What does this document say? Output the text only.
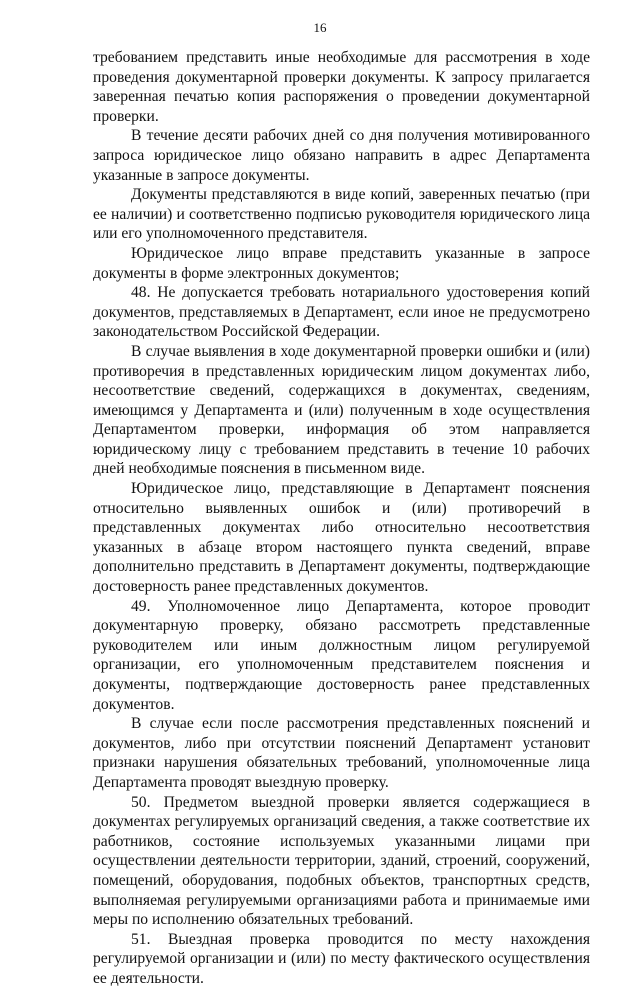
16

требованием представить иные необходимые для рассмотрения в ходе проведения документарной проверки документы. К запросу прилагается заверенная печатью копия распоряжения о проведении документарной проверки.

В течение десяти рабочих дней со дня получения мотивированного запроса юридическое лицо обязано направить в адрес Департамента указанные в запросе документы.

Документы представляются в виде копий, заверенных печатью (при ее наличии) и соответственно подписью руководителя юридического лица или его уполномоченного представителя.

Юридическое лицо вправе представить указанные в запросе документы в форме электронных документов;

48. Не допускается требовать нотариального удостоверения копий документов, представляемых в Департамент, если иное не предусмотрено законодательством Российской Федерации.

В случае выявления в ходе документарной проверки ошибки и (или) противоречия в представленных юридическим лицом документах либо, несоответствие сведений, содержащихся в документах, сведениям, имеющимся у Департамента и (или) полученным в ходе осуществления Департаментом проверки, информация об этом направляется юридическому лицу с требованием представить в течение 10 рабочих дней необходимые пояснения в письменном виде.

Юридическое лицо, представляющие в Департамент пояснения относительно выявленных ошибок и (или) противоречий в представленных документах либо относительно несоответствия указанных в абзаце втором настоящего пункта сведений, вправе дополнительно представить в Департамент документы, подтверждающие достоверность ранее представленных документов.

49. Уполномоченное лицо Департамента, которое проводит документарную проверку, обязано рассмотреть представленные руководителем или иным должностным лицом регулируемой организации, его уполномоченным представителем пояснения и документы, подтверждающие достоверность ранее представленных документов.

В случае если после рассмотрения представленных пояснений и документов, либо при отсутствии пояснений Департамент установит признаки нарушения обязательных требований, уполномоченные лица Департамента проводят выездную проверку.

50. Предметом выездной проверки является содержащиеся в документах регулируемых организаций сведения, а также соответствие их работников, состояние используемых указанными лицами при осуществлении деятельности территории, зданий, строений, сооружений, помещений, оборудования, подобных объектов, транспортных средств, выполняемая регулируемыми организациями работа и принимаемые ими меры по исполнению обязательных требований.

51. Выездная проверка проводится по месту нахождения регулируемой организации и (или) по месту фактического осуществления ее деятельности.
